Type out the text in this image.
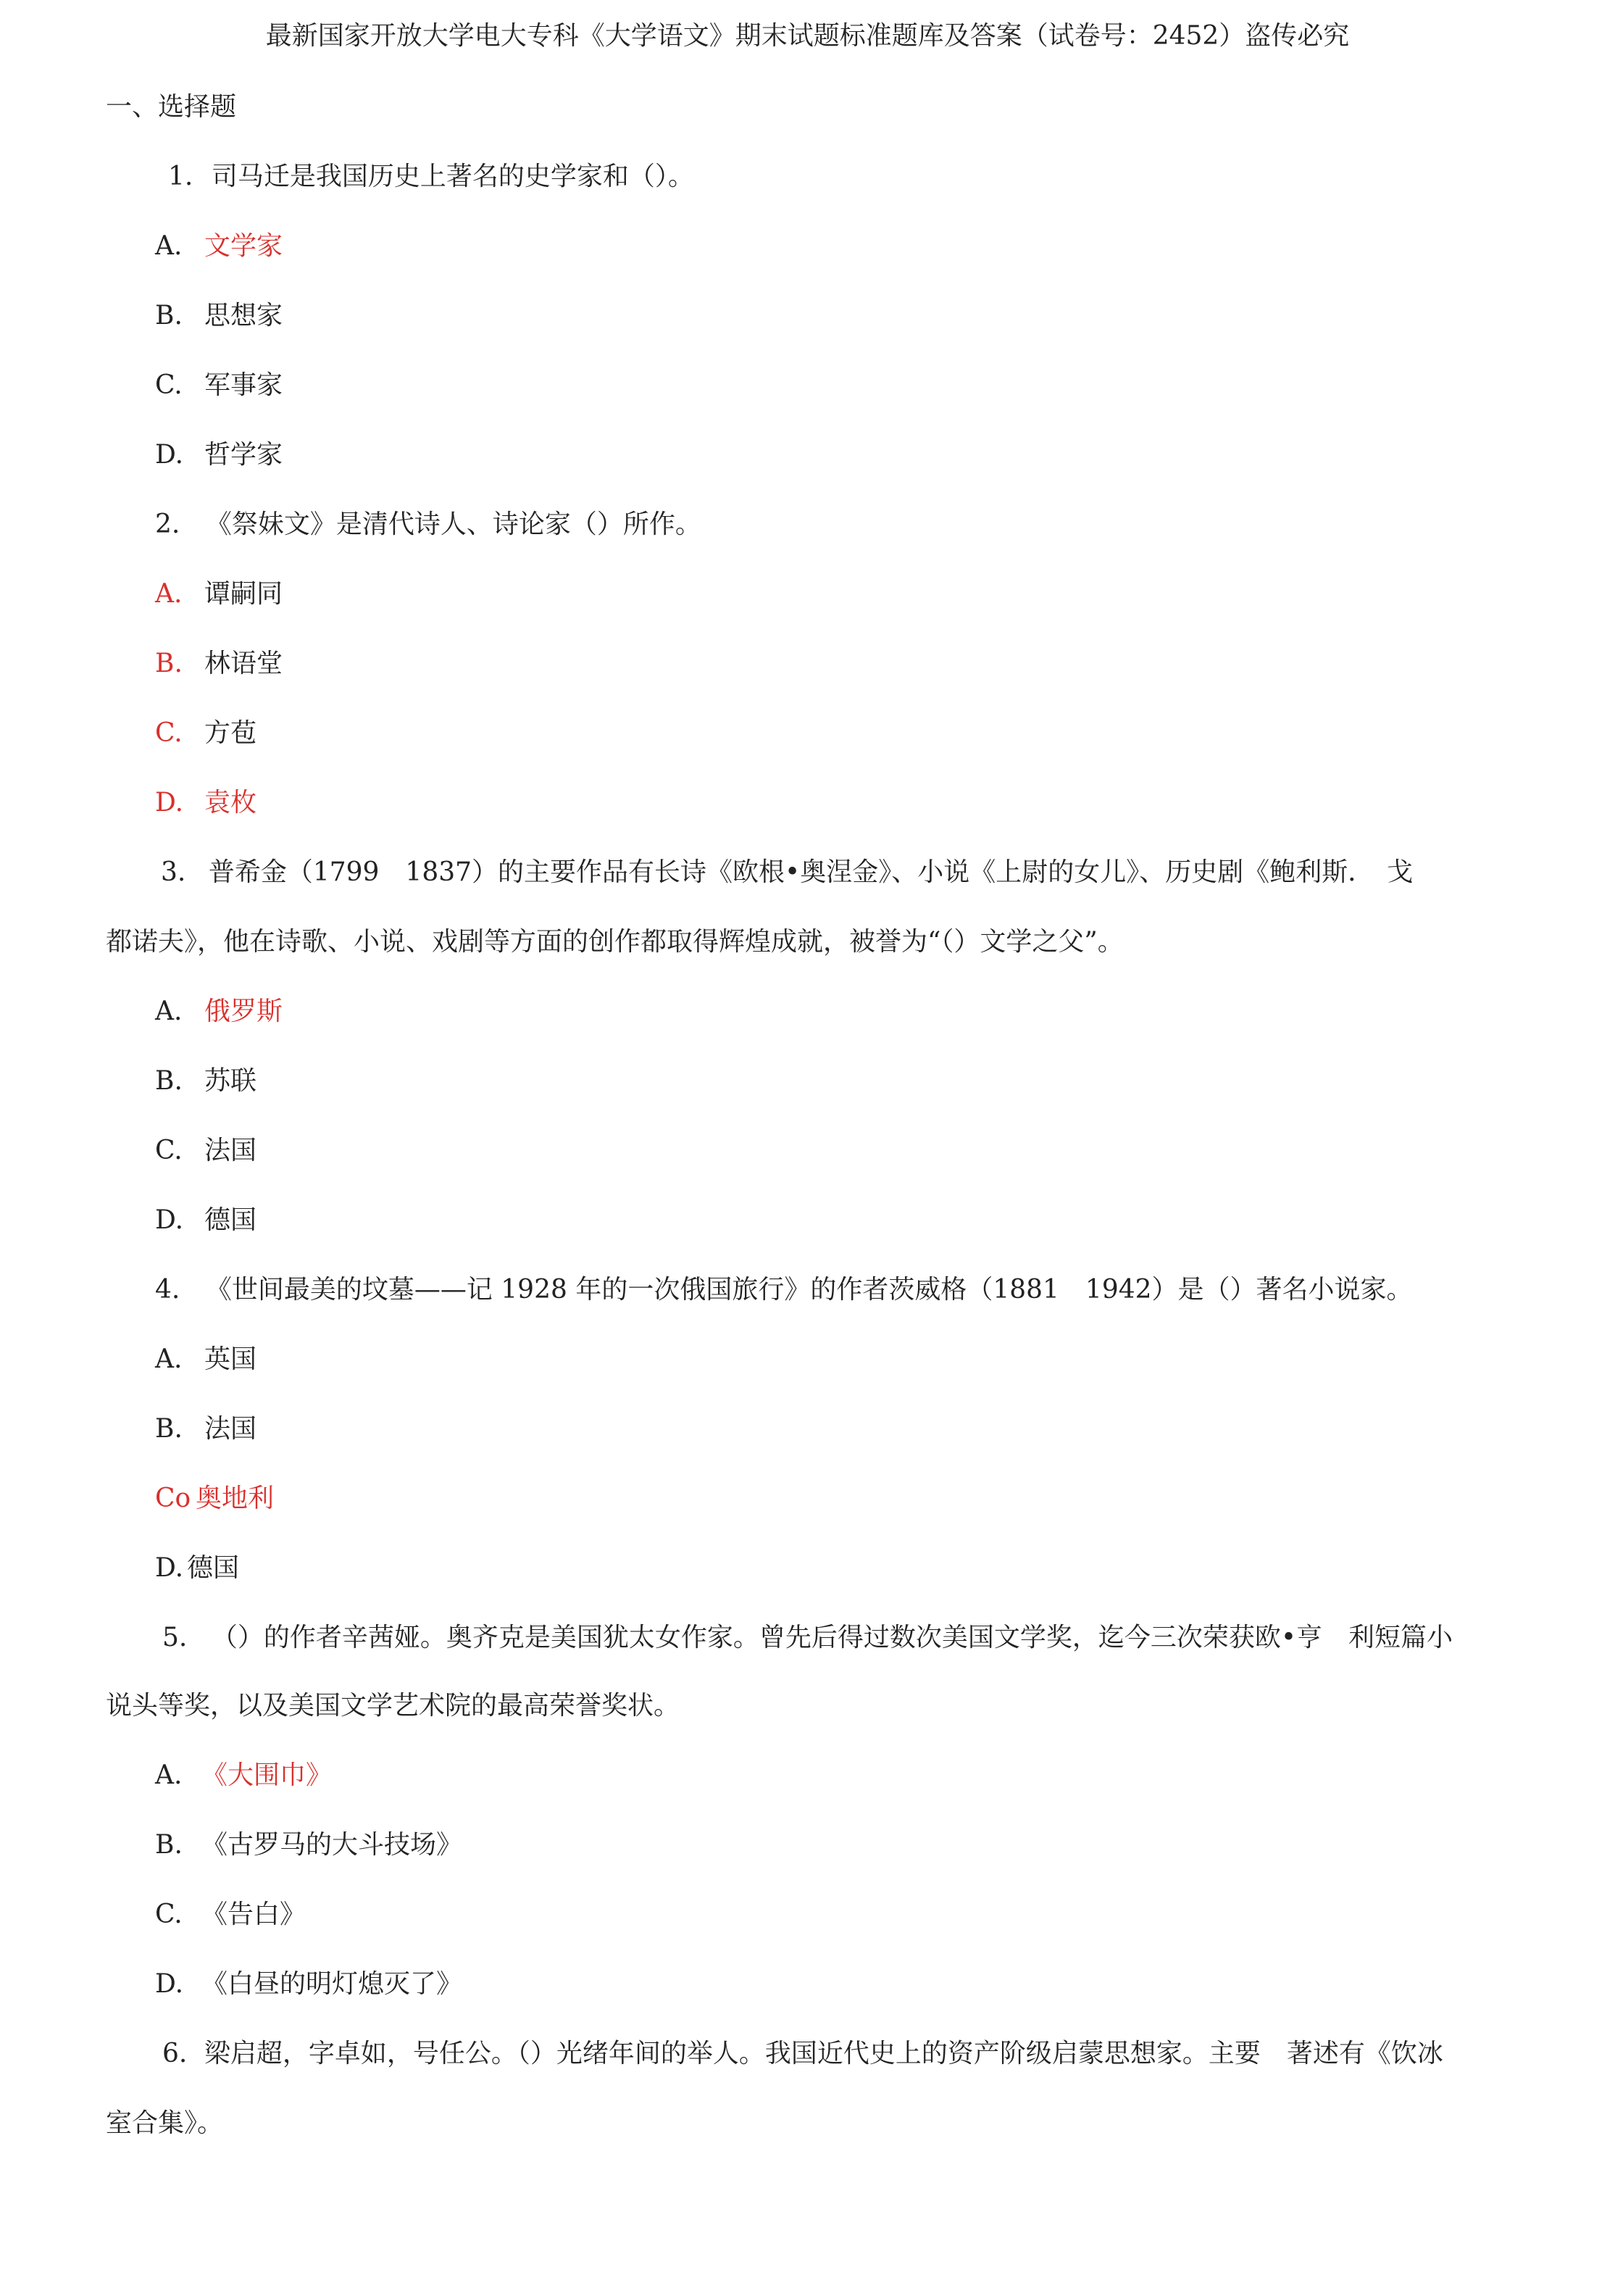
最新国家开放大学电大专科《大学语文》期末试题标准题库及答案（试卷号：2452）盗传必究
一、选择题
1. 司马迁是我国历史上著名的史学家和（）。
A. 文学家
B. 思想家
C. 军事家
D. 哲学家
2. 《祭妹文》是清代诗人、诗论家（）所作。
A. 谭嗣同
B. 林语堂
C. 方苞
D. 袁枚
3. 普希金（1799　1837）的主要作品有长诗《欧根•奥涅金》、小说《上尉的女儿》、历史剧《鲍利斯．　戈
都诺夫》，他在诗歌、小说、戏剧等方面的创作都取得辉煌成就，被誉为“（）文学之父”。
A. 俄罗斯
B. 苏联
C. 法国
D. 德国
4. 《世间最美的坟墓——记 1928 年的一次俄国旅行》的作者茨威格（1881　1942）是（）著名小说家。
A. 英国
B. 法国
Co 奥地利
D. 德国
5. （）的作者辛茜娅。奥齐克是美国犹太女作家。曾先后得过数次美国文学奖，迄今三次荣获欧•亨　利短篇小
说头等奖，以及美国文学艺术院的最高荣誉奖状。
A. 《大围巾》
B. 《古罗马的大斗技场》
C. 《告白》
D. 《白昼的明灯熄灭了》
6. 梁启超，字卓如，号任公。（）光绪年间的举人。我国近代史上的资产阶级启蒙思想家。主要　著述有《饮冰
室合集》。
